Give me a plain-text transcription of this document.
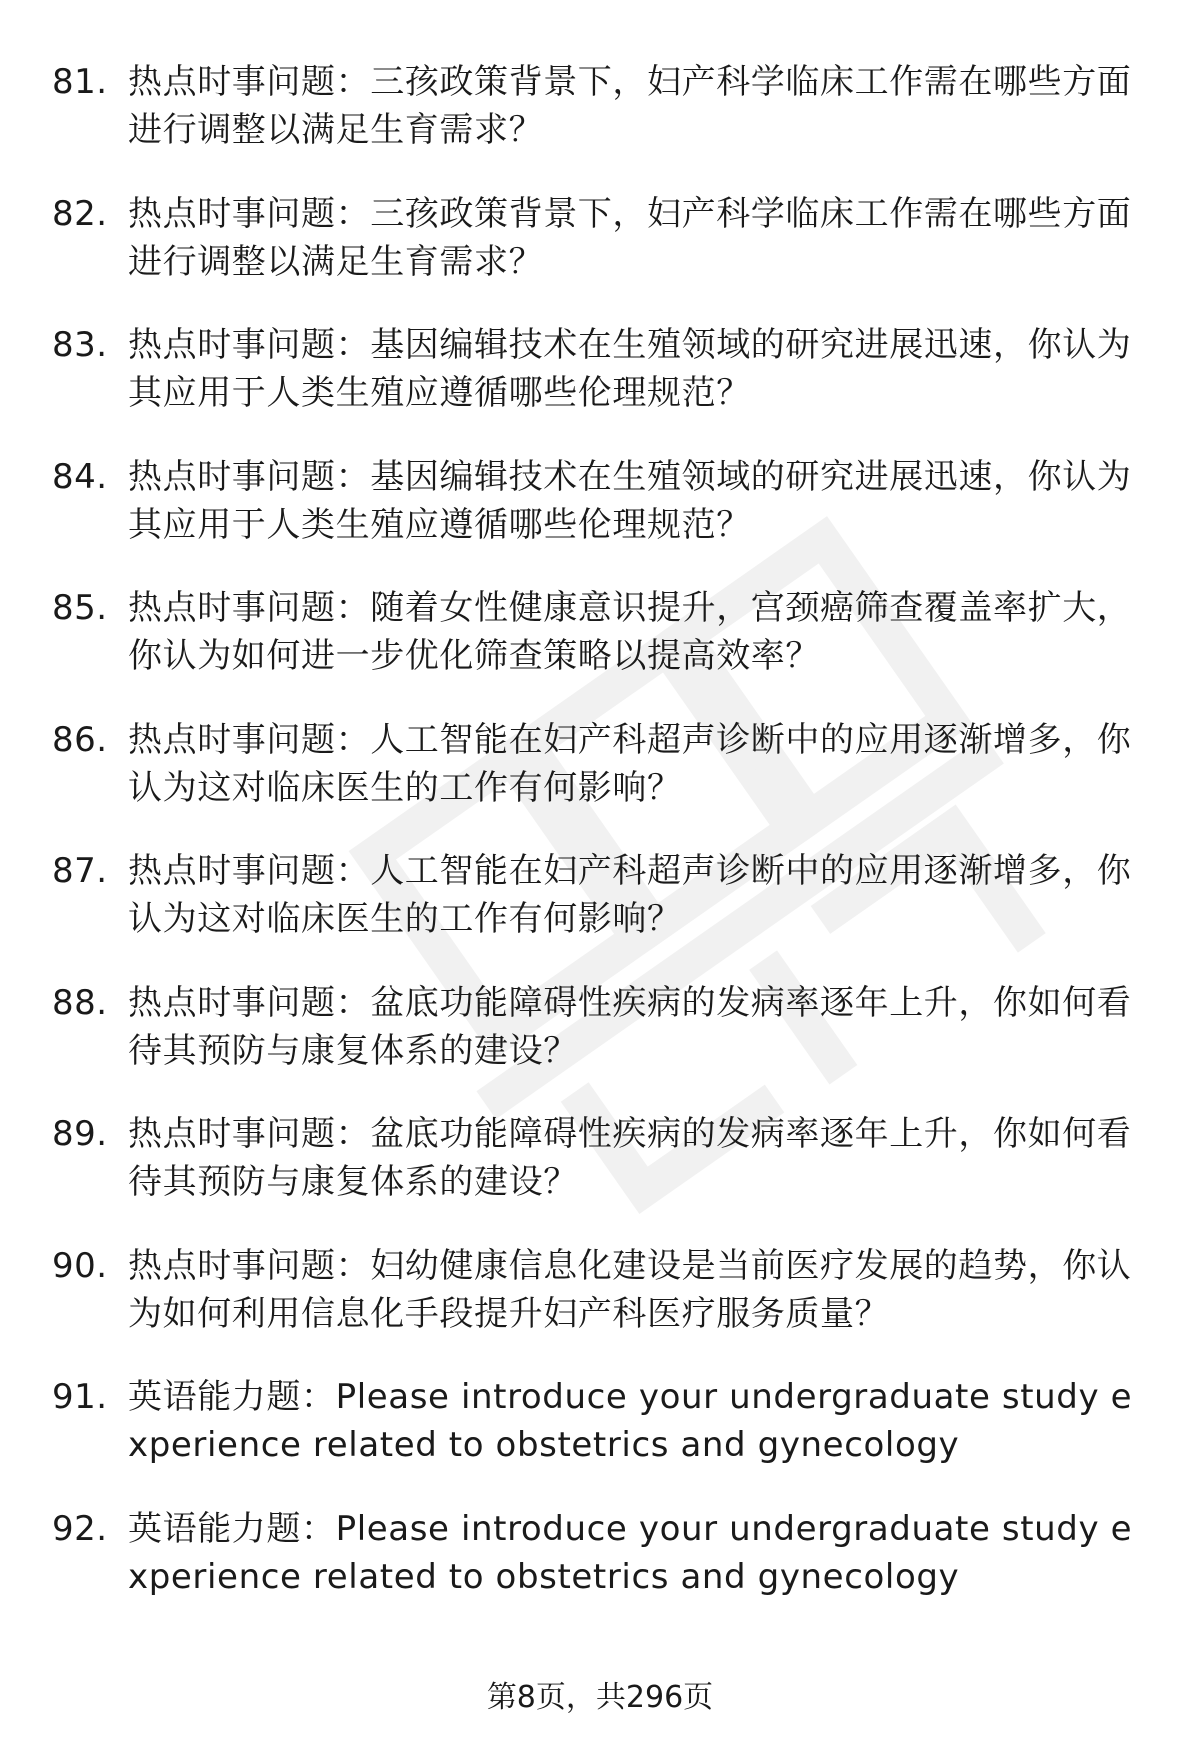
81. 热点时事问题：三孩政策背景下，妇产科学临床工作需在哪些方面进行调整以满足生育需求？
82. 热点时事问题：三孩政策背景下，妇产科学临床工作需在哪些方面进行调整以满足生育需求？
83. 热点时事问题：基因编辑技术在生殖领域的研究进展迅速，你认为其应用于人类生殖应遵循哪些伦理规范？
84. 热点时事问题：基因编辑技术在生殖领域的研究进展迅速，你认为其应用于人类生殖应遵循哪些伦理规范？
85. 热点时事问题：随着女性健康意识提升，宫颈癌筛查覆盖率扩大，你认为如何进一步优化筛查策略以提高效率？
86. 热点时事问题：人工智能在妇产科超声诊断中的应用逐渐增多，你认为这对临床医生的工作有何影响？
87. 热点时事问题：人工智能在妇产科超声诊断中的应用逐渐增多，你认为这对临床医生的工作有何影响？
88. 热点时事问题：盆底功能障碍性疾病的发病率逐年上升，你如何看待其预防与康复体系的建设？
89. 热点时事问题：盆底功能障碍性疾病的发病率逐年上升，你如何看待其预防与康复体系的建设？
90. 热点时事问题：妇幼健康信息化建设是当前医疗发展的趋势，你认为如何利用信息化手段提升妇产科医疗服务质量？
91. 英语能力题：Please introduce your undergraduate study experience related to obstetrics and gynecology
92. 英语能力题：Please introduce your undergraduate study experience related to obstetrics and gynecology
第8页，共296页
